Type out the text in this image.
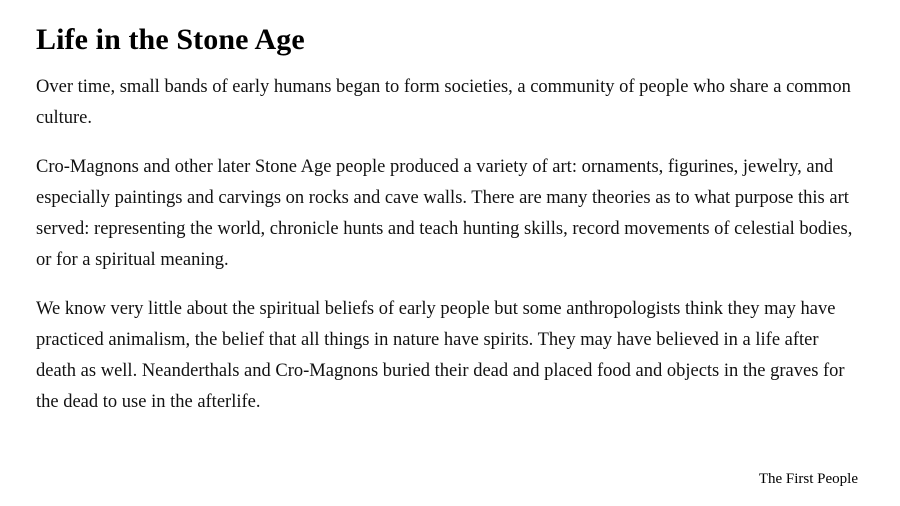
Life in the Stone Age

Over time, small bands of early humans began to form societies, a community of people who share a common culture.

Cro-Magnons and other later Stone Age people produced a variety of art: ornaments, figurines, jewelry, and especially paintings and carvings on rocks and cave walls. There are many theories as to what purpose this art served: representing the world, chronicle hunts and teach hunting skills, record movements of celestial bodies, or for a spiritual meaning.

We know very little about the spiritual beliefs of early people but some anthropologists think they may have practiced animalism, the belief that all things in nature have spirits. They may have believed in a life after death as well. Neanderthals and Cro-Magnons buried their dead and placed food and objects in the graves for the dead to use in the afterlife.

The First People
